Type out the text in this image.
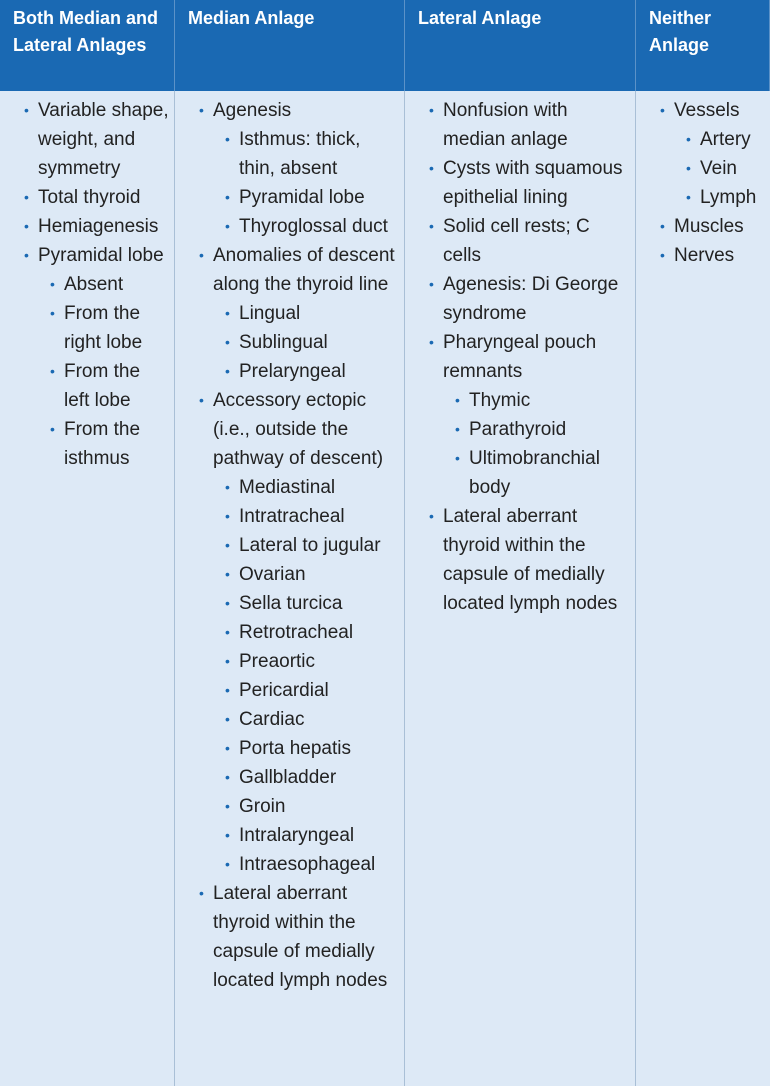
Both Median and Lateral Anlages
Median Anlage	Lateral Anlage	Neither Anlage
• Variable shape, weight, and symmetry
• Total thyroid
• Hemiagenesis
• Pyramidal lobe
• Absent
• From the right lobe
• From the left lobe
• From the isthmus
• Agenesis
• Isthmus: thick, thin, absent
• Pyramidal lobe
• Thyroglossal duct
• Anomalies of descent along the thyroid line
• Lingual
• Sublingual
• Prelaryngeal
• Accessory ectopic (i.e., outside the pathway of descent)
• Mediastinal
• Intratracheal
• Lateral to jugular
• Ovarian
• Sella turcica
• Retrotracheal
• Preaortic
• Pericardial
• Cardiac
• Porta hepatis
• Gallbladder
• Groin
• Intralaryngeal
• Intraesophageal
• Lateral aberrant thyroid within the capsule of medially located lymph nodes
• Nonfusion with median anlage
• Cysts with squamous epithelial lining
• Solid cell rests; C cells
• Agenesis: Di George syndrome
• Pharyngeal pouch remnants
• Thymic
• Parathyroid
• Ultimobranchial body
• Lateral aberrant thyroid within the capsule of medially located lymph nodes
• Vessels
• Artery
• Vein
• Lymph
• Muscles
• Nerves
